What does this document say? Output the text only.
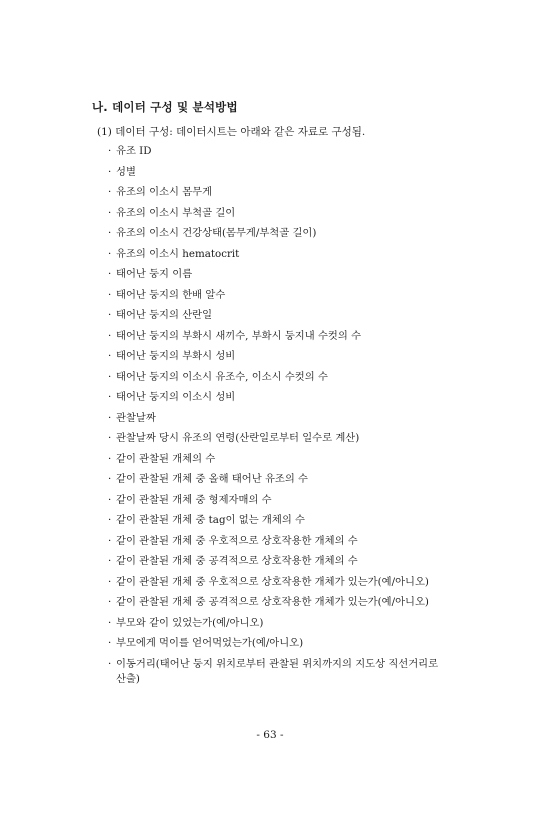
나. 데이터 구성 및 분석방법
(1) 데이터 구성: 데이터시트는 아래와 같은 자료로 구성됨.
· 유조 ID
· 성별
· 유조의 이소시 몸무게
· 유조의 이소시 부척골 길이
· 유조의 이소시 건강상태(몸무게/부척골 길이)
· 유조의 이소시 hematocrit
· 태어난 둥지 이름
· 태어난 둥지의 한배 알수
· 태어난 둥지의 산란일
· 태어난 둥지의 부화시 새끼수, 부화시 둥지내 수컷의 수
· 태어난 둥지의 부화시 성비
· 태어난 둥지의 이소시 유조수, 이소시 수컷의 수
· 태어난 둥지의 이소시 성비
· 관찰날짜
· 관찰날짜 당시 유조의 연령(산란일로부터 일수로 계산)
· 같이 관찰된 개체의 수
· 같이 관찰된 개체 중 올해 태어난 유조의 수
· 같이 관찰된 개체 중 형제자매의 수
· 같이 관찰된 개체 중 tag이 없는 개체의 수
· 같이 관찰된 개체 중 우호적으로 상호작용한 개체의 수
· 같이 관찰된 개체 중 공격적으로 상호작용한 개체의 수
· 같이 관찰된 개체 중 우호적으로 상호작용한 개체가 있는가(예/아니오)
· 같이 관찰된 개체 중 공격적으로 상호작용한 개체가 있는가(예/아니오)
· 부모와 같이 있었는가(예/아니오)
· 부모에게 먹이를 얻어먹었는가(예/아니오)
· 이동거리(태어난 둥지 위치로부터 관찰된 위치까지의 지도상 직선거리로 산출)
- 63 -
